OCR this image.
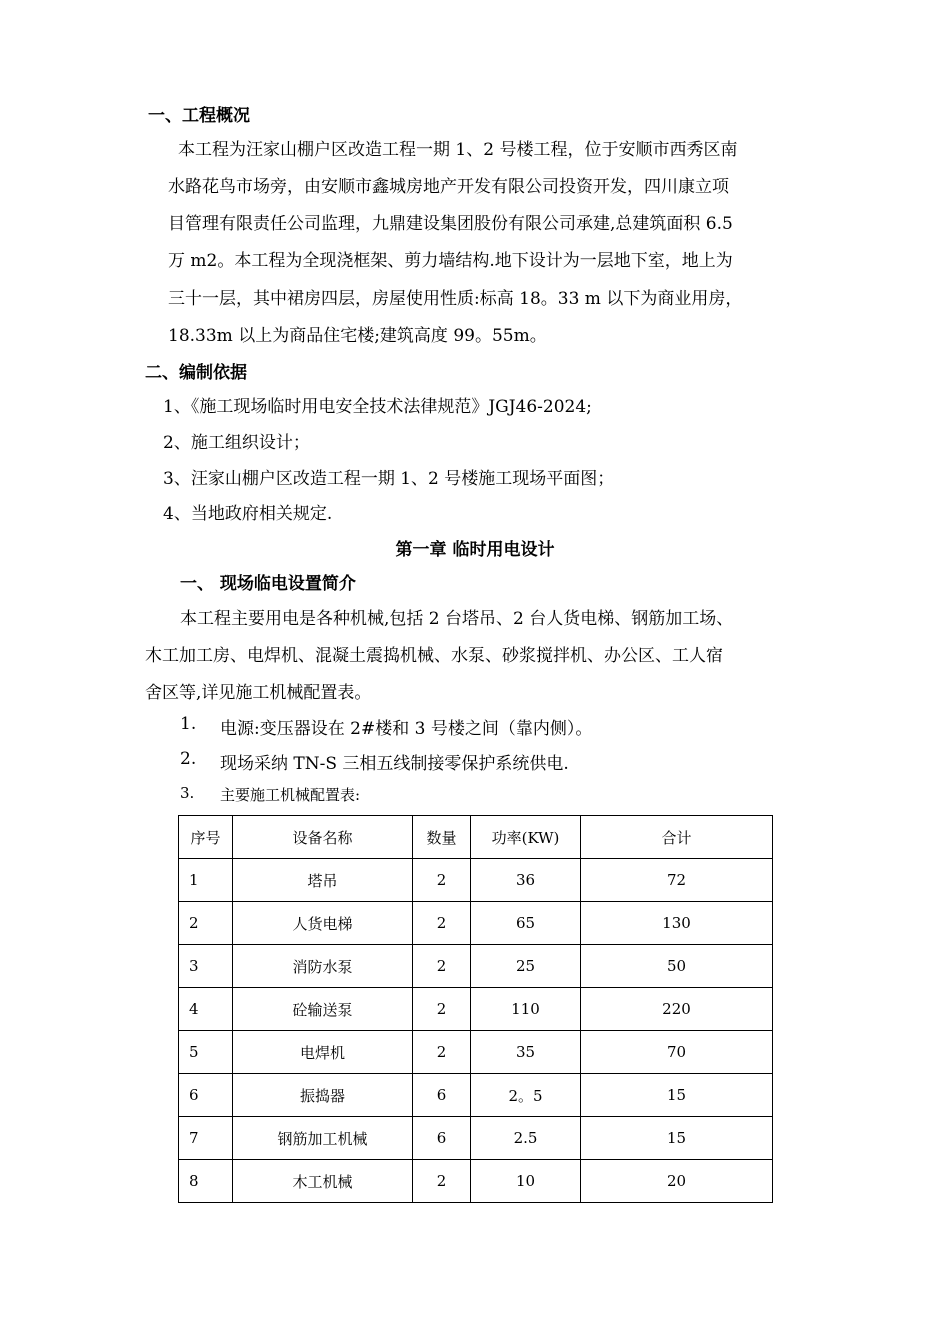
一、工程概况
本工程为汪家山棚户区改造工程一期 1、2 号楼工程，位于安顺市西秀区南
水路花鸟市场旁，由安顺市鑫城房地产开发有限公司投资开发，四川康立项
目管理有限责任公司监理，九鼎建设集团股份有限公司承建,总建筑面积 6.5
万 m2。本工程为全现浇框架、剪力墙结构.地下设计为一层地下室，地上为
三十一层，其中裙房四层，房屋使用性质:标高 18。33 m 以下为商业用房，
18.33m 以上为商品住宅楼;建筑高度 99。55m。
二、编制依据
1、《施工现场临时用电安全技术法律规范》JGJ46-2024;
2、施工组织设计；
3、汪家山棚户区改造工程一期 1、2 号楼施工现场平面图；
4、当地政府相关规定.
第一章 临时用电设计
一、 现场临电设置简介
本工程主要用电是各种机械,包括 2 台塔吊、2 台人货电梯、钢筋加工场、
木工加工房、电焊机、混凝土震捣机械、水泵、砂浆搅拌机、办公区、工人宿
舍区等,详见施工机械配置表。
1. 电源:变压器设在 2#楼和 3 号楼之间（靠内侧）。
2. 现场采纳 TN-S 三相五线制接零保护系统供电.
3. 主要施工机械配置表:
序号	设备名称	数量	功率(KW)	合计
1	塔吊	2	36	72
2	人货电梯	2	65	130
3	消防水泵	2	25	50
4	砼输送泵	2	110	220
5	电焊机	2	35	70
6	振捣器	6	2。5	15
7	钢筋加工机械	6	2.5	15
8	木工机械	2	10	20
